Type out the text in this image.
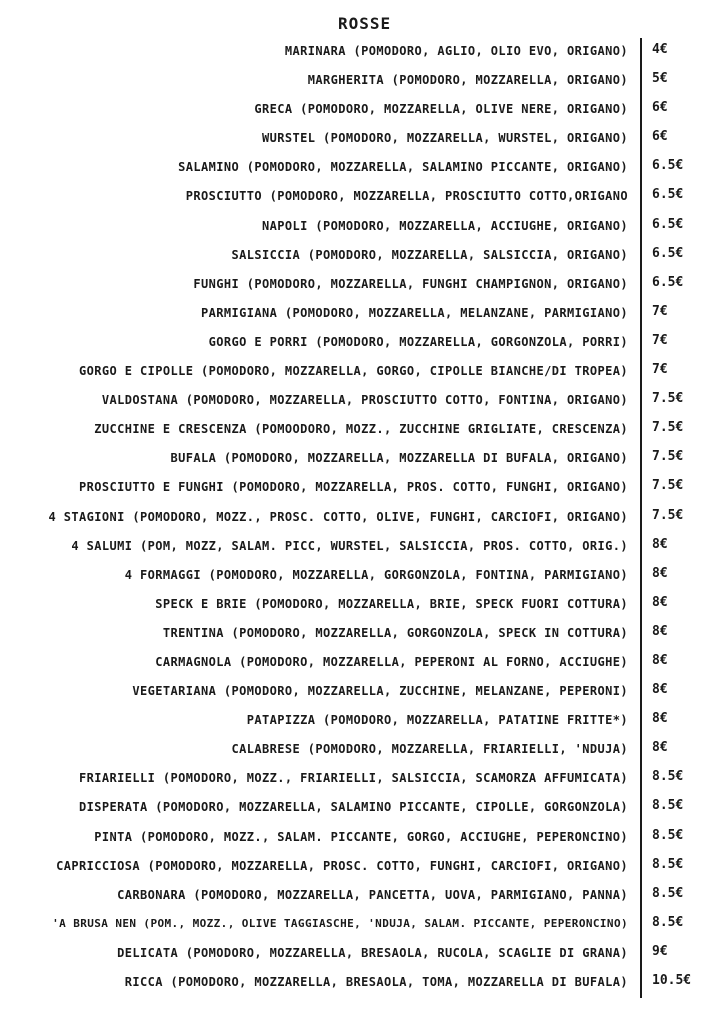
ROSSE
MARINARA (POMODORO, AGLIO, OLIO EVO, ORIGANO) 4€
MARGHERITA (POMODORO, MOZZARELLA, ORIGANO) 5€
GRECA (POMODORO, MOZZARELLA, OLIVE NERE, ORIGANO) 6€
WURSTEL (POMODORO, MOZZARELLA, WURSTEL, ORIGANO) 6€
SALAMINO (POMODORO, MOZZARELLA, SALAMINO PICCANTE, ORIGANO) 6.5€
PROSCIUTTO (POMODORO, MOZZARELLA, PROSCIUTTO COTTO,ORIGANO 6.5€
NAPOLI (POMODORO, MOZZARELLA, ACCIUGHE, ORIGANO) 6.5€
SALSICCIA (POMODORO, MOZZARELLA, SALSICCIA, ORIGANO) 6.5€
FUNGHI (POMODORO, MOZZARELLA, FUNGHI CHAMPIGNON, ORIGANO) 6.5€
PARMIGIANA (POMODORO, MOZZARELLA, MELANZANE, PARMIGIANO) 7€
GORGO E PORRI (POMODORO, MOZZARELLA, GORGONZOLA, PORRI) 7€
GORGO E CIPOLLE (POMODORO, MOZZARELLA, GORGO, CIPOLLE BIANCHE/DI TROPEA) 7€
VALDOSTANA (POMODORO, MOZZARELLA, PROSCIUTTO COTTO, FONTINA, ORIGANO) 7.5€
ZUCCHINE E CRESCENZA (POMOODORO, MOZZ., ZUCCHINE GRIGLIATE, CRESCENZA) 7.5€
BUFALA (POMODORO, MOZZARELLA, MOZZARELLA DI BUFALA, ORIGANO) 7.5€
PROSCIUTTO E FUNGHI (POMODORO, MOZZARELLA, PROS. COTTO, FUNGHI, ORIGANO) 7.5€
4 STAGIONI (POMODORO, MOZZ., PROSC. COTTO, OLIVE, FUNGHI, CARCIOFI, ORIGANO) 7.5€
4 SALUMI (POM, MOZZ, SALAM. PICC, WURSTEL, SALSICCIA, PROS. COTTO, ORIG.) 8€
4 FORMAGGI (POMODORO, MOZZARELLA, GORGONZOLA, FONTINA, PARMIGIANO) 8€
SPECK E BRIE (POMODORO, MOZZARELLA, BRIE, SPECK FUORI COTTURA) 8€
TRENTINA (POMODORO, MOZZARELLA, GORGONZOLA, SPECK IN COTTURA) 8€
CARMAGNOLA (POMODORO, MOZZARELLA, PEPERONI AL FORNO, ACCIUGHE) 8€
VEGETARIANA (POMODORO, MOZZARELLA, ZUCCHINE, MELANZANE, PEPERONI) 8€
PATAPIZZA (POMODORO, MOZZARELLA, PATATINE FRITTE*) 8€
CALABRESE (POMODORO, MOZZARELLA, FRIARIELLI, 'NDUJA) 8€
FRIARIELLI (POMODORO, MOZZ., FRIARIELLI, SALSICCIA, SCAMORZA AFFUMICATA) 8.5€
DISPERATA (POMODORO, MOZZARELLA, SALAMINO PICCANTE, CIPOLLE, GORGONZOLA) 8.5€
PINTA (POMODORO, MOZZ., SALAM. PICCANTE, GORGO, ACCIUGHE, PEPERONCINO) 8.5€
CAPRICCIOSA (POMODORO, MOZZARELLA, PROSC. COTTO, FUNGHI, CARCIOFI, ORIGANO) 8.5€
CARBONARA (POMODORO, MOZZARELLA, PANCETTA, UOVA, PARMIGIANO, PANNA) 8.5€
'A BRUSA NEN (POM., MOZZ., OLIVE TAGGIASCHE, 'NDUJA, SALAM. PICCANTE, PEPERONCINO) 8.5€
DELICATA (POMODORO, MOZZARELLA, BRESAOLA, RUCOLA, SCAGLIE DI GRANA) 9€
RICCA (POMODORO, MOZZARELLA, BRESAOLA, TOMA, MOZZARELLA DI BUFALA) 10.5€
